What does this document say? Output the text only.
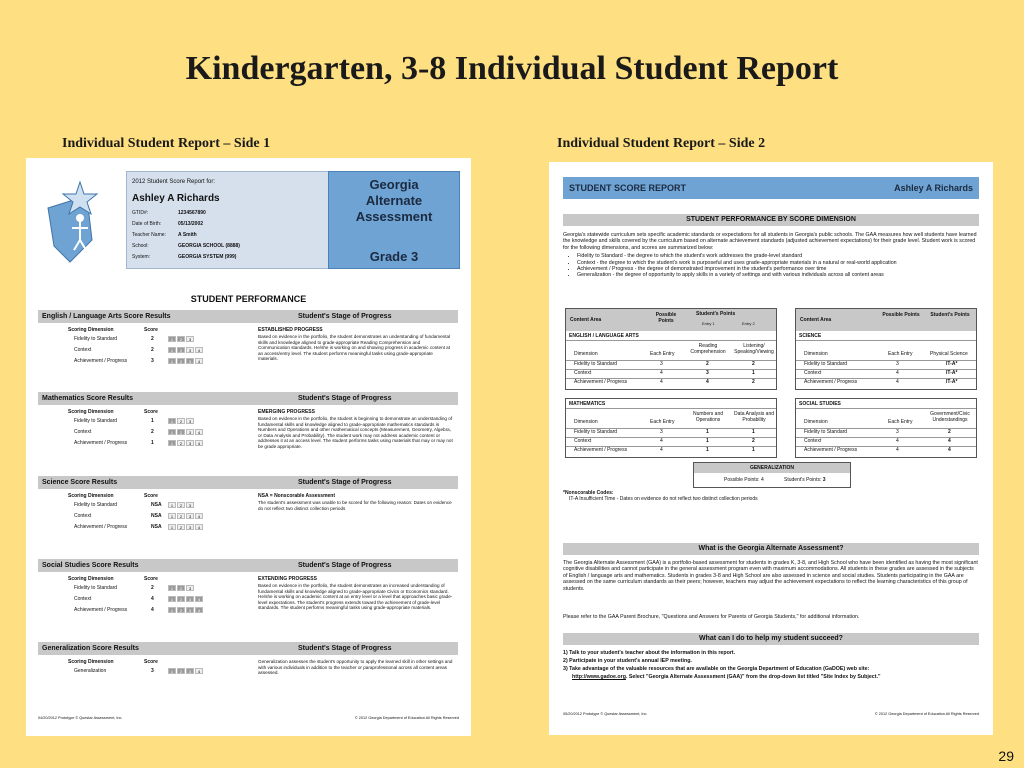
Kindergarten, 3-8 Individual Student Report
Individual Student Report – Side 1	Individual Student Report – Side 2
2012 Student Score Report for:
Ashley A Richards
GTID#:	1234567890
Date of Birth:	05/13/2002
Teacher Name: A Smith
School:	GEORGIA SCHOOL (8888)
System:	GEORGIA SYSTEM (999)
Georgia Alternate Assessment
Grade 3
STUDENT PERFORMANCE
English / Language Arts Score Results	Student's Stage of Progress
Scoring Dimension	Score
Fidelity to Standard	2	1	2	3
Context	2	1	2	3	4
Achievement / Progress	3	1	2	3	4
ESTABLISHED PROGRESS
Based on evidence in the portfolio, the student demonstrates an understanding of fundamental skills and knowledge aligned to grade-appropriate Reading Comprehension and Communication standards. He/she is working on and showing progress in academic content at an access/entry level. The student performs meaningful tasks using grade-appropriate materials.
Mathematics Score Results	Student's Stage of Progress
Scoring Dimension	Score
Fidelity to Standard	1	1	2	3
Context	2	1	2	3	4
Achievement / Progress	1	1	2	3	4
EMERGING PROGRESS
Based on evidence in the portfolio, the student is beginning to demonstrate an understanding of fundamental skills and knowledge aligned to grade-appropriate mathematics standards in Numbers and Operations and other mathematical concepts (Measurement, Geometry, Algebra, or Data Analysis and Probability). The student work may not address academic content or addresses it at an access level. The student performs tasks using materials that may or may not be grade appropriate.
Science Score Results	Student's Stage of Progress
Scoring Dimension	Score
Fidelity to Standard	NSA	1	2	3
Context	NSA	1	2	3	4
Achievement / Progress	NSA	1	2	3	4
NSA = Nonscorable Assessment
The student's assessment was unable to be scored for the following reason: Dates on evidence do not reflect two distinct collection periods
Social Studies Score Results	Student's Stage of Progress
Scoring Dimension	Score
Fidelity to Standard	2	1	2	3
Context	4	1	2	3	4
Achievement / Progress	4	1	2	3	4
EXTENDING PROGRESS
Based on evidence in the portfolio, the student demonstrates an increased understanding of fundamental skills and knowledge aligned to grade-appropriate Civics or Economics standard. He/she is working on academic content at an entry level or a level that approaches basic grade-level expectations. The student's progress extends toward the achievement of grade-level standards. The student performs meaningful tasks using grade-appropriate materials.
Generalization Score Results	Student's Stage of Progress
Scoring Dimension	Score
Generalization	3	1	2	3	4
Generalization assesses the student's opportunity to apply the learned skill in other settings and with various individuals in addition to the teacher or paraprofessional across all content areas assessed.
04/20/2012 Prototype © Questar Assessment, Inc.	© 2012 Georgia Department of Education All Rights Reserved
STUDENT SCORE REPORT	Ashley A Richards
STUDENT PERFORMANCE BY SCORE DIMENSION
Georgia's statewide curriculum sets specific academic standards or expectations for all students in Georgia's public schools. The GAA measures how well students have learned the knowledge and skills covered by the curriculum based on alternate achievement standards (adjusted achievement expectations) for their grade level. Student work is scored for the following dimensions, and scores are summarized below:
• Fidelity to Standard - the degree to which the student's work addresses the grade-level standard
• Context - the degree to which the student's work is purposeful and uses grade-appropriate materials in a natural or real-world application
• Achievement / Progress - the degree of demonstrated improvement in the student's performance over time
• Generalization - the degree of opportunity to apply skills in a variety of settings and with various individuals across all content areas
Content Area
Possible Points
Student's Points
Entry 1	Entry 2
ENGLISH / LANGUAGE ARTS
Dimension	Each Entry
Reading Comprehension
Listening/ Speaking/Viewing
Fidelity to Standard	3	2	2
Context	4	3	1
Achievement / Progress	4	4	2
Content Area
Possible Points Student's Points
SCIENCE
Dimension	Each Entry	Physical Science
Fidelity to Standard	3	IT-A*
Context	4	IT-A*
Achievement / Progress	4	IT-A*
MATHEMATICS
Dimension	Each Entry
Numbers and Operations
Data Analysis and Probability
Fidelity to Standard	3	1	1
Context	4	1	2
Achievement / Progress	4	1	1
SOCIAL STUDIES
Dimension	Each Entry
Government/Civic Understandings
Fidelity to Standard	3	2
Context	4	4
Achievement / Progress	4	4
GENERALIZATION
Possible Points: 4	Student's Points: 3
*Nonscorable Codes:
IT-A Insufficient Time - Dates on evidence do not reflect two distinct collection periods
What is the Georgia Alternate Assessment?
The Georgia Alternate Assessment (GAA) is a portfolio-based assessment for students in grades K, 3-8, and High School who have been identified as having the most significant cognitive disabilities and cannot participate in the general assessment program even with maximum accommodations. All students in these grades are assessed in the subjects of English / language arts and mathematics. Students in grades 3-8 and High School are also assessed in science and social studies. Students participating in the GAA are assessed on the same curriculum standards as their peers; however, teachers may adjust the achievement expectations to reflect the learning characteristics of this group of students.
Please refer to the GAA Parent Brochure, "Questions and Answers for Parents of Georgia Students," for additional information.
What can I do to help my student succeed?
1) Talk to your student's teacher about the information in this report.
2) Participate in your student's annual IEP meeting.
3) Take advantage of the valuable resources that are available on the Georgia Department of Education (GaDOE) web site:
http://www.gadoe.org. Select "Georgia Alternate Assessment (GAA)" from the drop-down list titled "Site Index by Subject."
05/20/2012 Prototype © Questar Assessment, Inc.	© 2012 Georgia Department of Education All Rights Reserved
29
